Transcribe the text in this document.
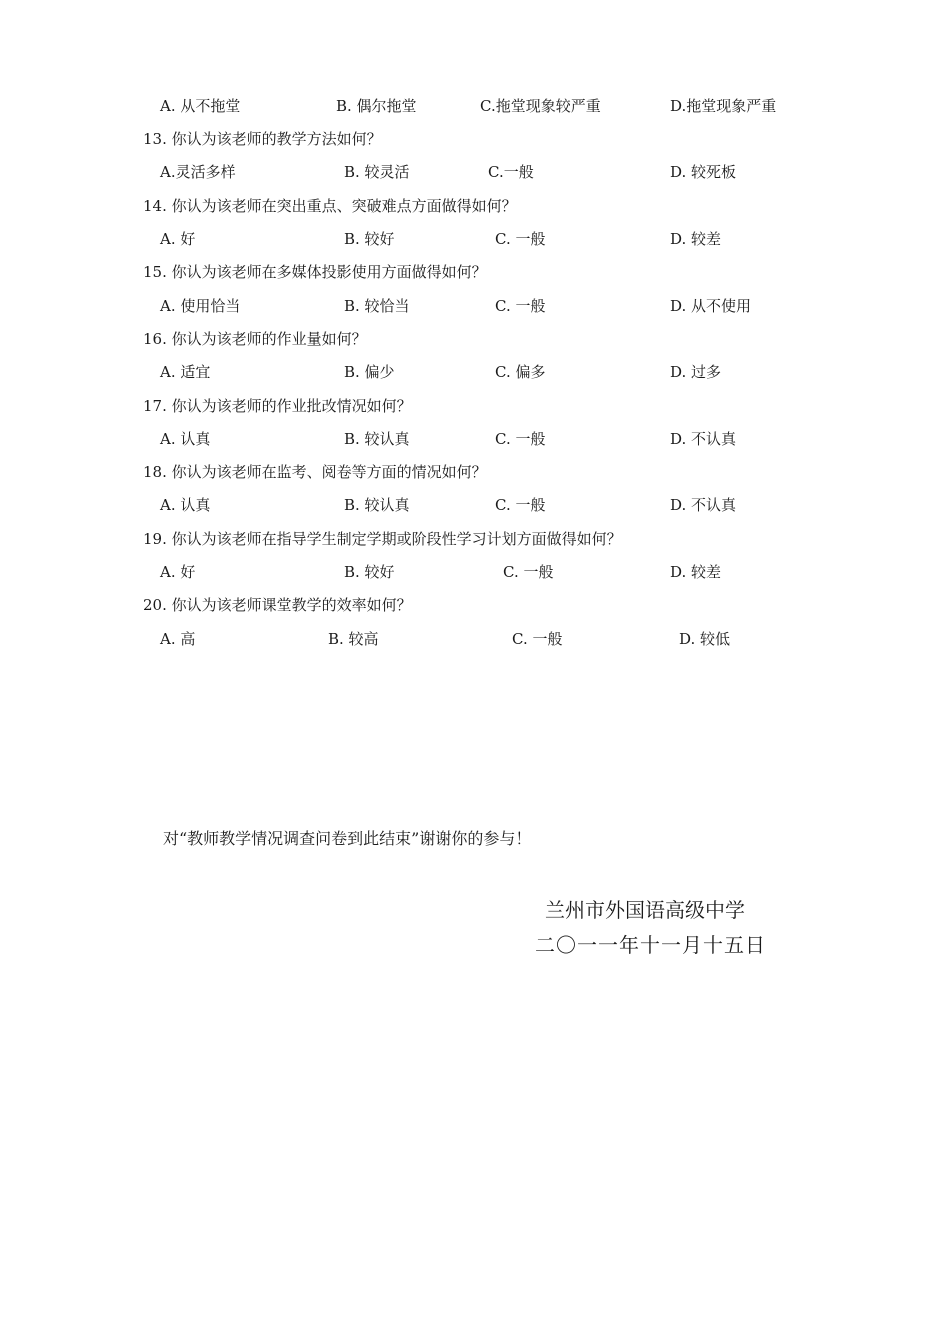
A. 从不拖堂	B. 偶尔拖堂	C.拖堂现象较严重	D.拖堂现象严重
13. 你认为该老师的教学方法如何？
A.灵活多样	B. 较灵活	C.一般	D. 较死板
14. 你认为该老师在突出重点、突破难点方面做得如何？
A. 好	B. 较好	C. 一般	D. 较差
15. 你认为该老师在多媒体投影使用方面做得如何？
A. 使用恰当	B. 较恰当	C. 一般	D. 从不使用
16. 你认为该老师的作业量如何？
A. 适宜	B. 偏少	C. 偏多	D. 过多
17. 你认为该老师的作业批改情况如何？
A. 认真	B. 较认真	C. 一般	D. 不认真
18. 你认为该老师在监考、阅卷等方面的情况如何？
A. 认真	B. 较认真	C. 一般	D. 不认真
19. 你认为该老师在指导学生制定学期或阶段性学习计划方面做得如何？
A. 好	B. 较好	C. 一般	D. 较差
20. 你认为该老师课堂教学的效率如何？
A. 高	B. 较高	C. 一般	D. 较低
对“教师教学情况调查问卷到此结束”谢谢你的参与！
兰州市外国语高级中学
二〇一一年十一月十五日
